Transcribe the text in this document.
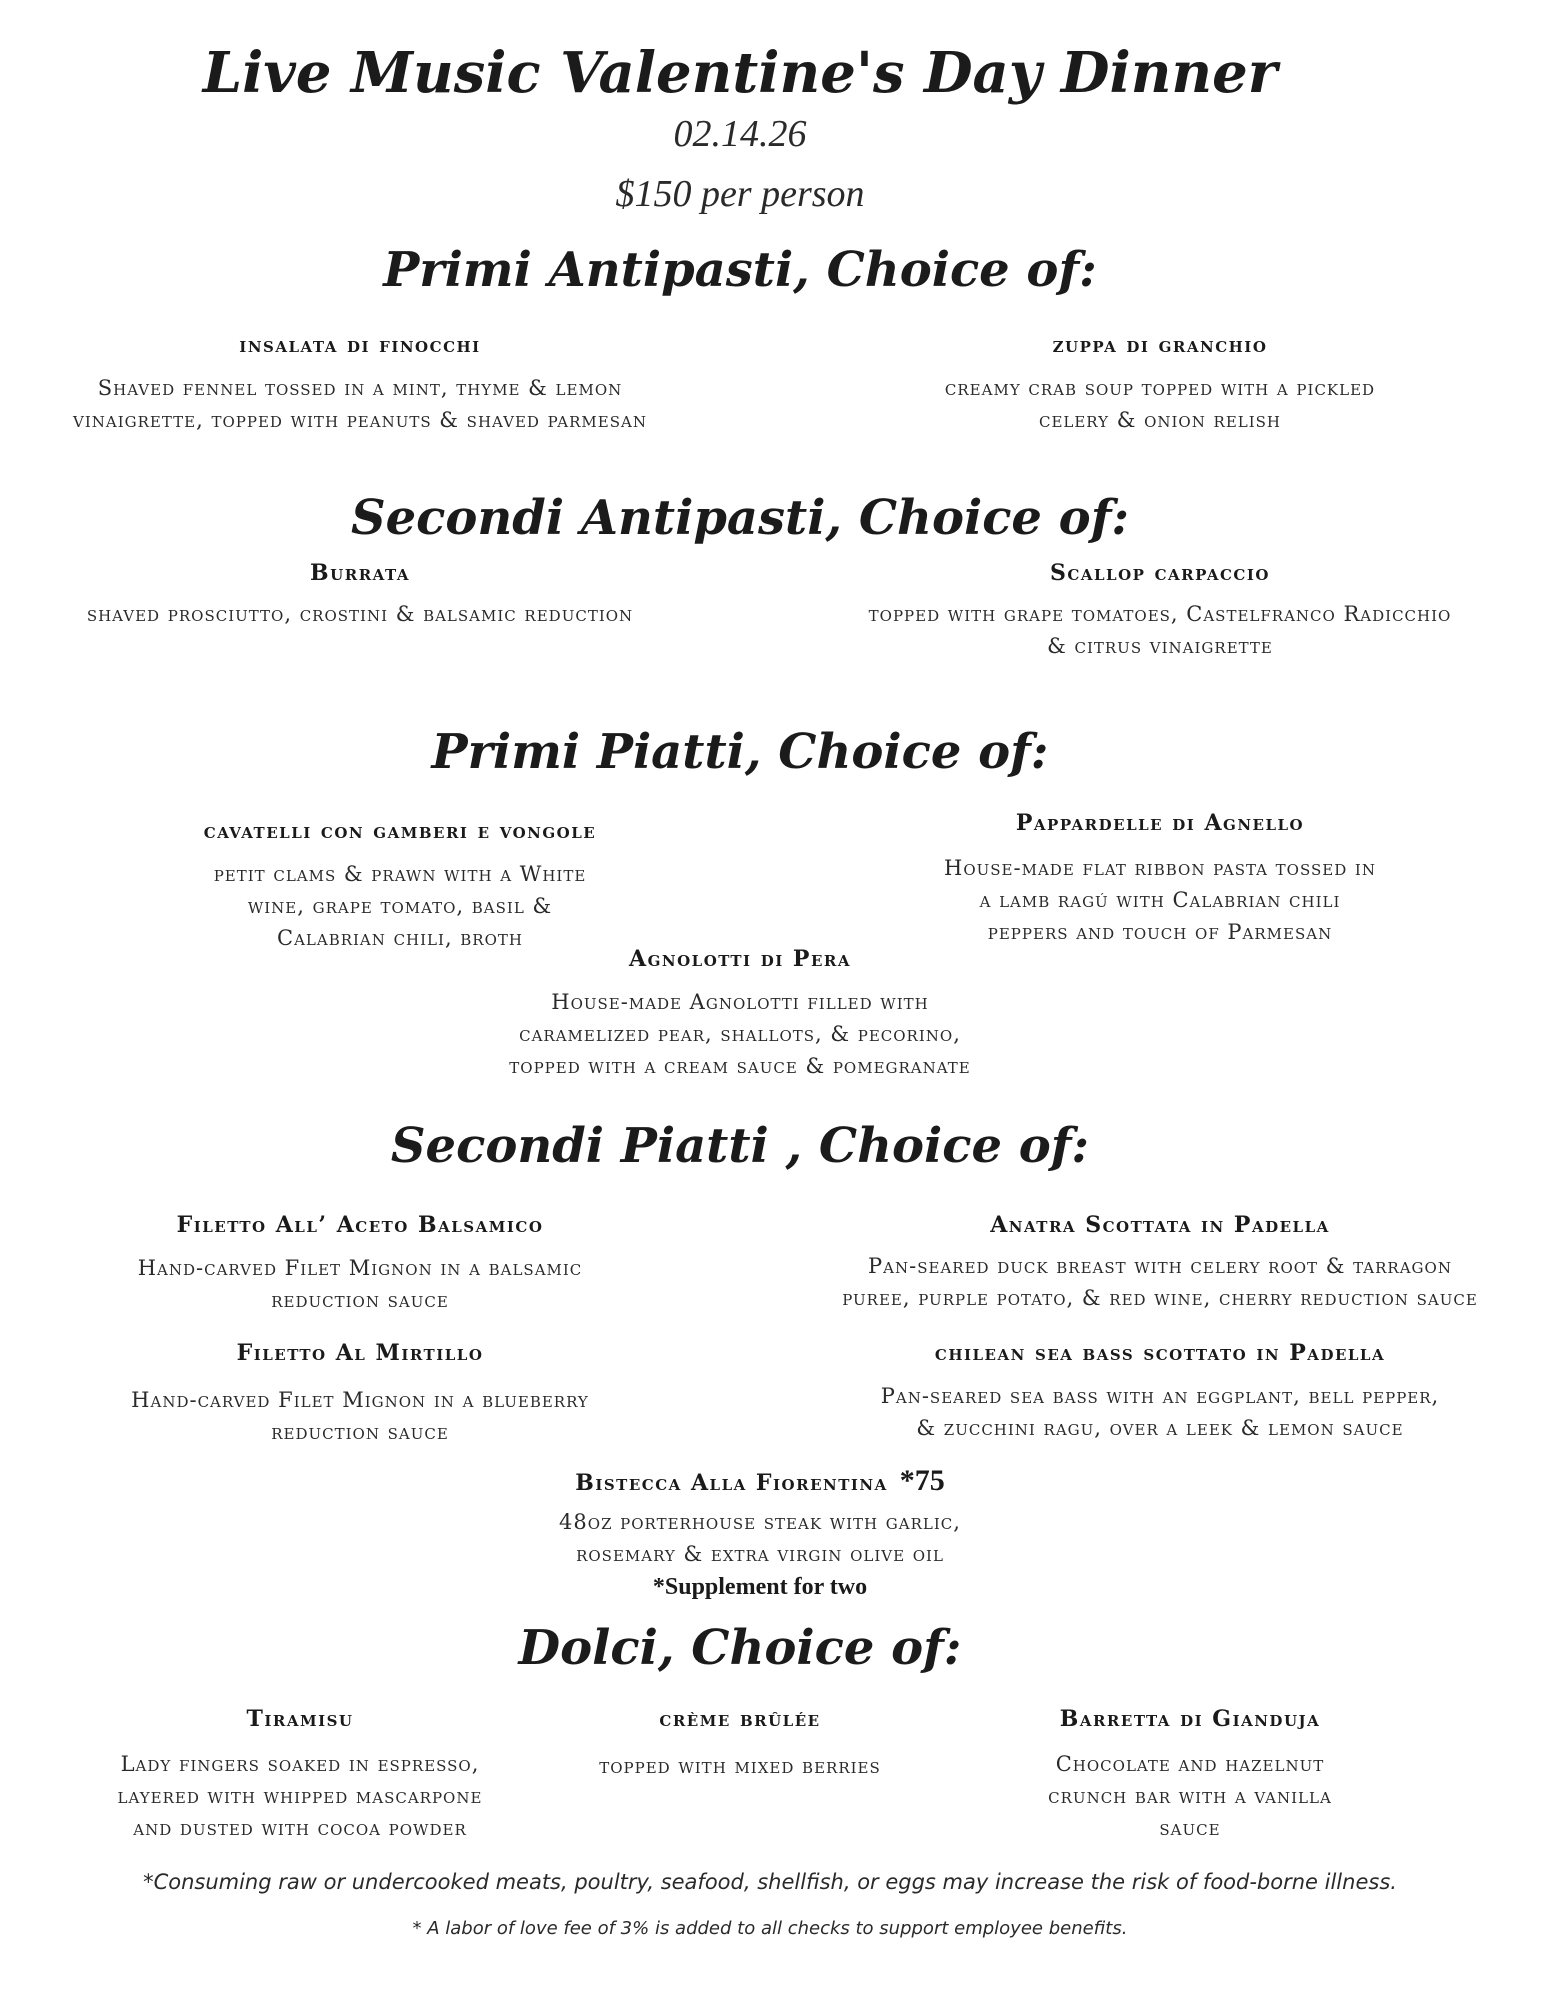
Live Music Valentine's Day Dinner
02.14.26
$150 per person
Primi Antipasti, Choice of:
insalata di finocchi
Shaved fennel tossed in a mint, thyme & lemon
vinaigrette, topped with peanuts & shaved parmesan
zuppa di granchio
creamy crab soup topped with a pickled
celery & onion relish
Secondi Antipasti, Choice of:
Burrata
shaved prosciutto, crostini & balsamic reduction
Scallop carpaccio
topped with grape tomatoes, Castelfranco Radicchio
& citrus vinaigrette
Primi Piatti, Choice of:
cavatelli con gamberi e vongole
petit clams & prawn with a White
wine, grape tomato, basil &
Calabrian chili, broth
Pappardelle di Agnello
House-made flat ribbon pasta tossed in
a lamb ragú with Calabrian chili
peppers and touch of Parmesan
Agnolotti di Pera
House-made Agnolotti filled with
caramelized pear, shallots, & pecorino,
topped with a cream sauce & pomegranate
Secondi Piatti , Choice of:
Filetto All’ Aceto Balsamico
Hand-carved Filet Mignon in a balsamic
reduction sauce
Anatra Scottata in Padella
Pan-seared duck breast with celery root & tarragon
puree, purple potato, & red wine, cherry reduction sauce
Filetto Al Mirtillo
Hand-carved Filet Mignon in a blueberry
reduction sauce
chilean sea bass scottato in Padella
Pan-seared sea bass with an eggplant, bell pepper,
& zucchini ragu, over a leek & lemon sauce
Bistecca Alla Fiorentina *75
48oz porterhouse steak with garlic,
rosemary & extra virgin olive oil
*Supplement for two
Dolci, Choice of:
Tiramisu
Lady fingers soaked in espresso,
layered with whipped mascarpone
and dusted with cocoa powder
crème brûlée
topped with mixed berries
Barretta di Gianduja
Chocolate and hazelnut
crunch bar with a vanilla
sauce
*Consuming raw or undercooked meats, poultry, seafood, shellfish, or eggs may increase the risk of food-borne illness.
* A labor of love fee of 3% is added to all checks to support employee benefits.
